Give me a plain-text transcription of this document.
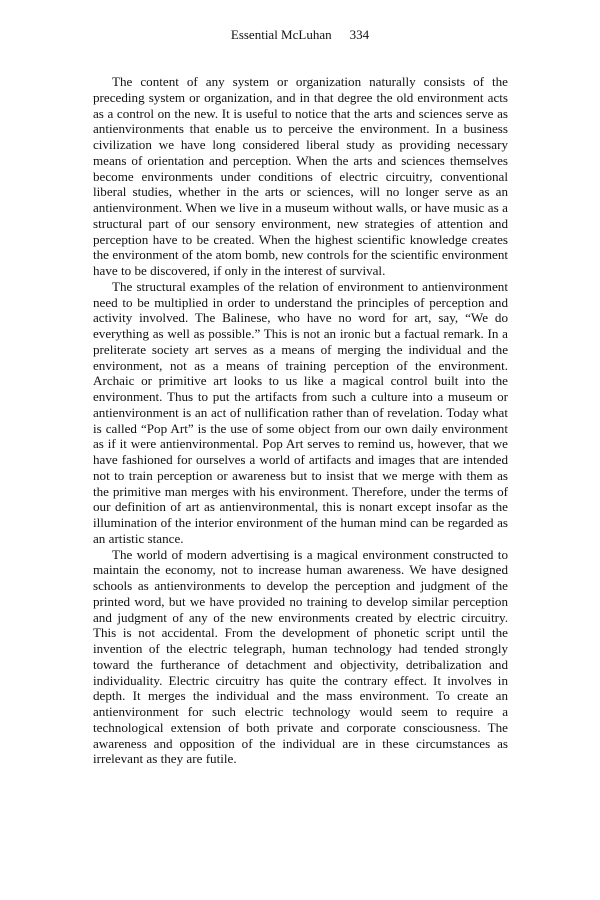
Essential McLuhan 334

The content of any system or organization naturally consists of the preceding system or organization, and in that degree the old environment acts as a control on the new. It is useful to notice that the arts and sciences serve as antienvironments that enable us to perceive the environment. In a business civilization we have long considered liberal study as providing necessary means of orientation and perception. When the arts and sciences themselves become environments under conditions of electric circuitry, conventional liberal studies, whether in the arts or sciences, will no longer serve as an antienvironment. When we live in a museum without walls, or have music as a structural part of our sensory environment, new strategies of attention and perception have to be created. When the highest scientific knowledge creates the environment of the atom bomb, new controls for the scientific environment have to be discovered, if only in the interest of survival.

The structural examples of the relation of environment to antienvironment need to be multiplied in order to understand the principles of perception and activity involved. The Balinese, who have no word for art, say, “We do everything as well as possible.” This is not an ironic but a factual remark. In a preliterate society art serves as a means of merging the individual and the environment, not as a means of training perception of the environment. Archaic or primitive art looks to us like a magical control built into the environment. Thus to put the artifacts from such a culture into a museum or antienvironment is an act of nullification rather than of revelation. Today what is called “Pop Art” is the use of some object from our own daily environment as if it were antienvironmental. Pop Art serves to remind us, however, that we have fashioned for ourselves a world of artifacts and images that are intended not to train perception or awareness but to insist that we merge with them as the primitive man merges with his environment. Therefore, under the terms of our definition of art as antienvironmental, this is nonart except insofar as the illumination of the interior environment of the human mind can be regarded as an artistic stance.

The world of modern advertising is a magical environment constructed to maintain the economy, not to increase human awareness. We have designed schools as antienvironments to develop the perception and judgment of the printed word, but we have provided no training to develop similar perception and judgment of any of the new environments created by electric circuitry. This is not accidental. From the development of phonetic script until the invention of the electric telegraph, human technology had tended strongly toward the furtherance of detachment and objectivity, detribalization and individuality. Electric circuitry has quite the contrary effect. It involves in depth. It merges the individual and the mass environment. To create an antienvironment for such electric technology would seem to require a technological extension of both private and corporate consciousness. The awareness and opposition of the individual are in these circumstances as irrelevant as they are futile.
